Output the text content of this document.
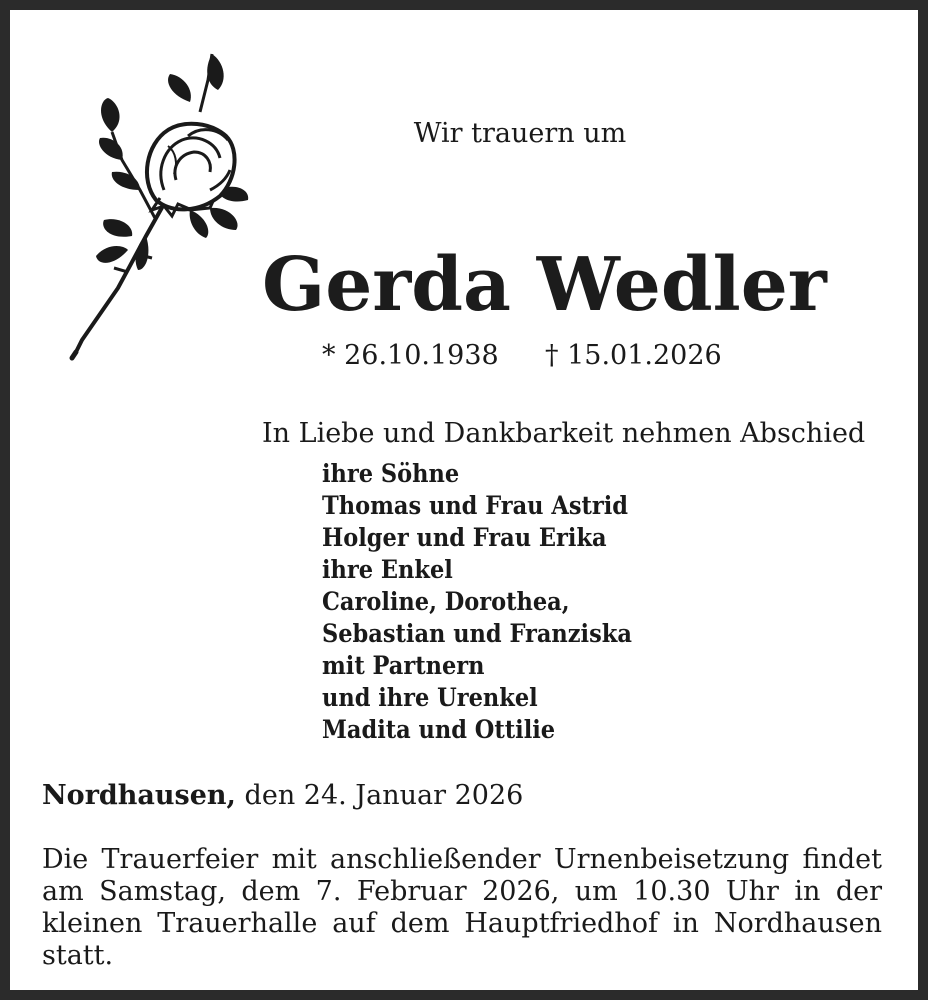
Wir trauern um
Gerda Wedler
* 26.10.1938 † 15.01.2026
In Liebe und Dankbarkeit nehmen Abschied
ihre Söhne
Thomas und Frau Astrid
Holger und Frau Erika
ihre Enkel
Caroline, Dorothea,
Sebastian und Franziska
mit Partnern
und ihre Urenkel
Madita und Ottilie
Nordhausen, den 24. Januar 2026

Die Trauerfeier mit anschließender Urnenbeisetzung findet am Samstag, dem 7. Februar 2026, um 10.30 Uhr in der kleinen Trauerhalle auf dem Hauptfriedhof in Nordhausen statt.
